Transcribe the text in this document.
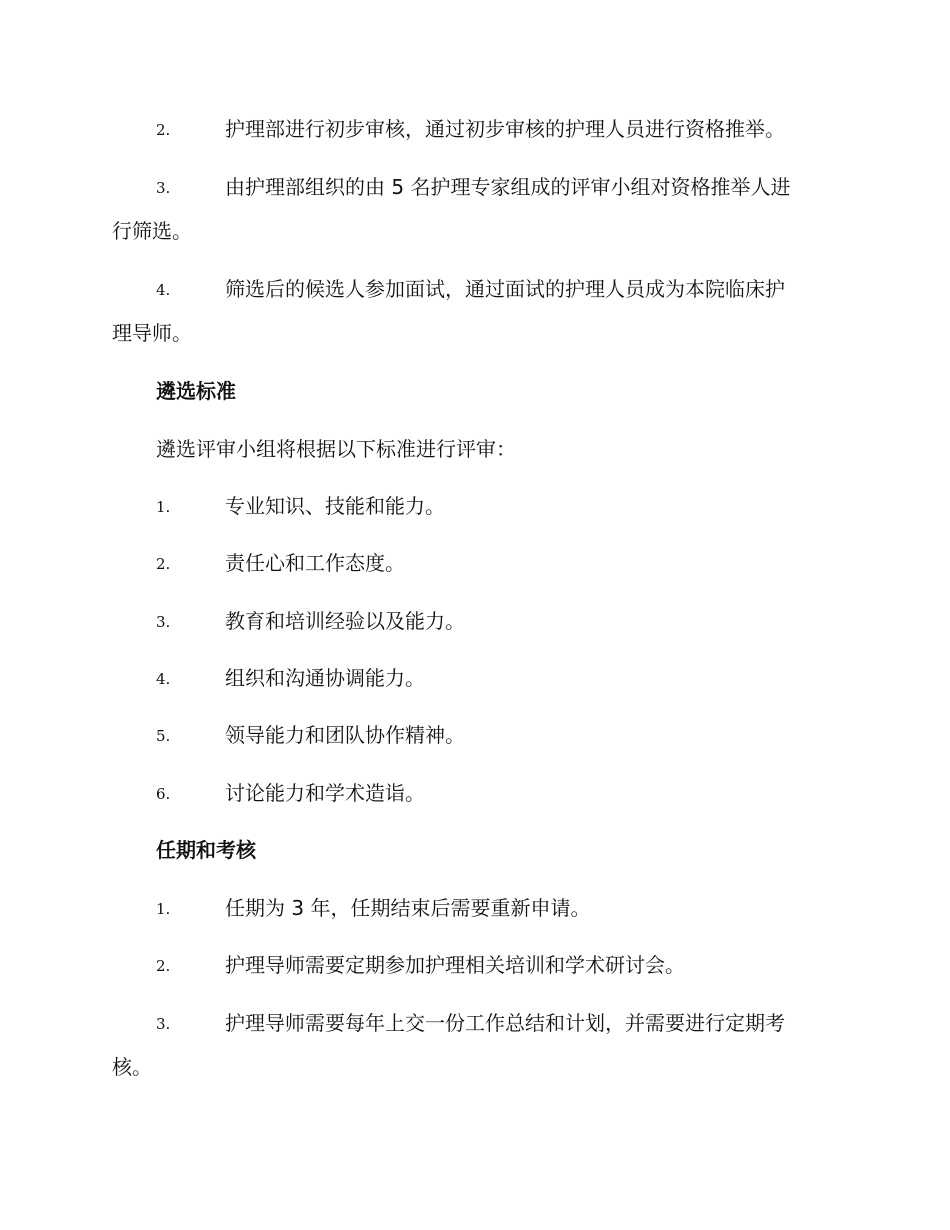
2.	护理部进行初步审核，通过初步审核的护理人员进行资格推举。
3.	由护理部组织的由 5 名护理专家组成的评审小组对资格推举人进
行筛选。
4.	筛选后的候选人参加面试，通过面试的护理人员成为本院临床护
理导师。
遴选标准
遴选评审小组将根据以下标准进行评审：
1.	专业知识、技能和能力。
2.	责任心和工作态度。
3.	教育和培训经验以及能力。
4.	组织和沟通协调能力。
5.	领导能力和团队协作精神。
6.	讨论能力和学术造诣。
任期和考核
1.	任期为 3 年，任期结束后需要重新申请。
2.	护理导师需要定期参加护理相关培训和学术研讨会。
3.	护理导师需要每年上交一份工作总结和计划，并需要进行定期考
核。
